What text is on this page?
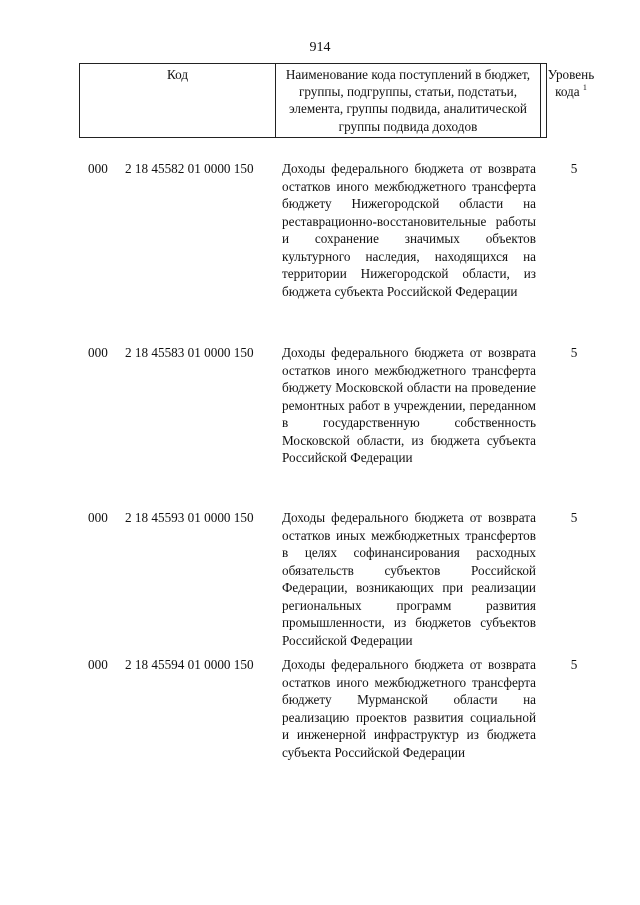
914
Код	Наименование кода поступлений в бюджет, группы, подгруппы, статьи, подстатьи, элемента, группы подвида, аналитической группы подвида доходов
Уровень кода $^1$
000 2 18 45582 01 0000 150 Доходы федерального бюджета от возврата остатков иного межбюджетного трансферта бюджету Нижегородской области на реставрационно-восстановительные работы и сохранение значимых объектов культурного наследия, находящихся на территории Нижегородской области, из бюджета субъекта Российской Федерации
5
000 2 18 45583 01 0000 150 Доходы федерального бюджета от возврата остатков иного межбюджетного трансферта бюджету Московской области на проведение ремонтных работ в учреждении, переданном в государственную собственность Московской области, из бюджета субъекта Российской Федерации
5
000 2 18 45593 01 0000 150 Доходы федерального бюджета от возврата остатков иных межбюджетных трансфертов в целях софинансирования расходных обязательств субъектов Российской Федерации, возникающих при реализации региональных программ развития промышленности, из бюджетов субъектов Российской Федерации
5
000 2 18 45594 01 0000 150 Доходы федерального бюджета от возврата остатков иного межбюджетного трансферта бюджету Мурманской области на реализацию проектов развития социальной и инженерной инфраструктур из бюджета субъекта Российской Федерации
5
